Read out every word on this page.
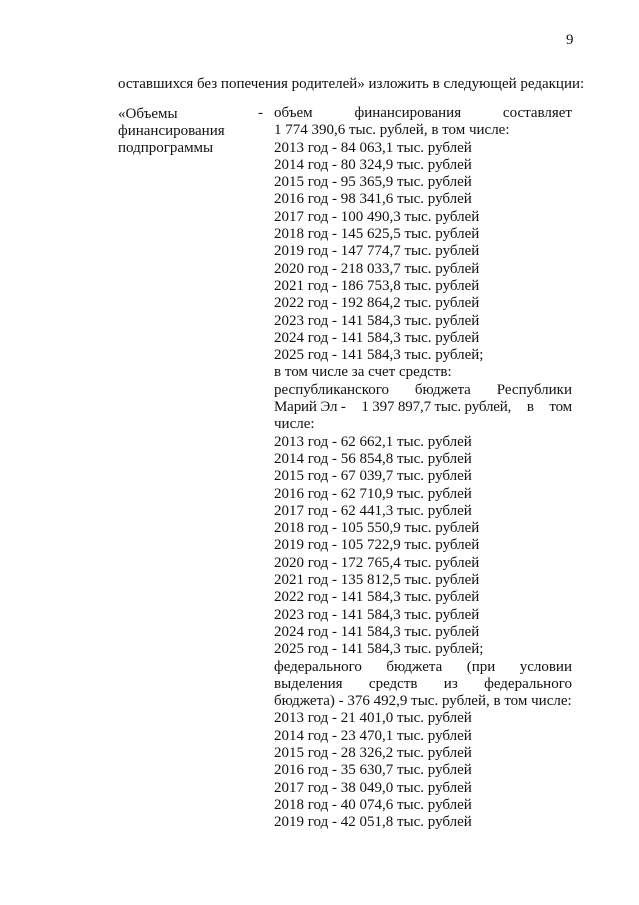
9
оставшихся без попечения родителей» изложить в следующей редакции:
«Объемы
финансирования
подпрограммы
- объем	финансирования	составляет
1 774 390,6 тыс. рублей, в том числе:
2013 год - 84 063,1 тыс. рублей
2014 год - 80 324,9 тыс. рублей
2015 год - 95 365,9 тыс. рублей
2016 год - 98 341,6 тыс. рублей
2017 год - 100 490,3 тыс. рублей
2018 год - 145 625,5 тыс. рублей
2019 год - 147 774,7 тыс. рублей
2020 год - 218 033,7 тыс. рублей
2021 год - 186 753,8 тыс. рублей
2022 год - 192 864,2 тыс. рублей
2023 год - 141 584,3 тыс. рублей
2024 год - 141 584,3 тыс. рублей
2025 год - 141 584,3 тыс. рублей;
в том числе за счет средств:
республиканского бюджета Республики
Марий Эл - 1 397 897,7 тыс. рублей, в том
числе:
2013 год - 62 662,1 тыс. рублей
2014 год - 56 854,8 тыс. рублей
2015 год - 67 039,7 тыс. рублей
2016 год - 62 710,9 тыс. рублей
2017 год - 62 441,3 тыс. рублей
2018 год - 105 550,9 тыс. рублей
2019 год - 105 722,9 тыс. рублей
2020 год - 172 765,4 тыс. рублей
2021 год - 135 812,5 тыс. рублей
2022 год - 141 584,3 тыс. рублей
2023 год - 141 584,3 тыс. рублей
2024 год - 141 584,3 тыс. рублей
2025 год - 141 584,3 тыс. рублей;
федерального бюджета (при условии
выделения средств из федерального
бюджета) - 376 492,9 тыс. рублей, в том числе:
2013 год - 21 401,0 тыс. рублей
2014 год - 23 470,1 тыс. рублей
2015 год - 28 326,2 тыс. рублей
2016 год - 35 630,7 тыс. рублей
2017 год - 38 049,0 тыс. рублей
2018 год - 40 074,6 тыс. рублей
2019 год - 42 051,8 тыс. рублей
